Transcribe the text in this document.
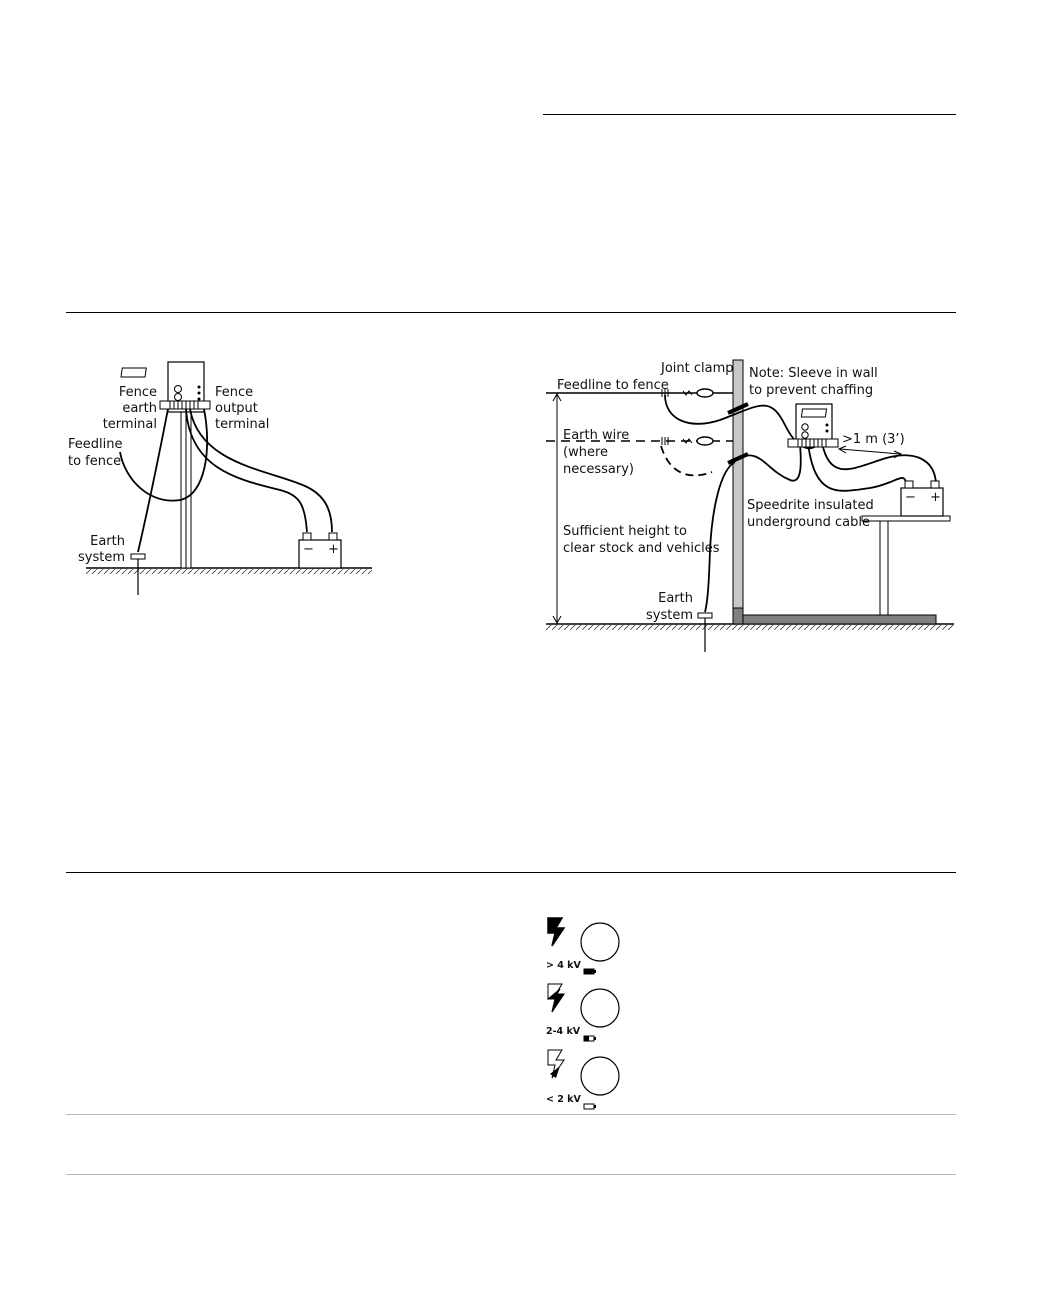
− +
Fence
earth
terminal
Fence
output
terminal
Feedline
to fence
Earth
system
− +
Joint clamp Note: Sleeve in wall
to prevent chaffing
Feedline to fence
Earth wire
(where
necessary)
>1 m (3’)
Speedrite insulated
underground cable
Sufficient height to
clear stock and vehicles
Earth
system
> 4 kV
2-4 kV
< 2 kV
